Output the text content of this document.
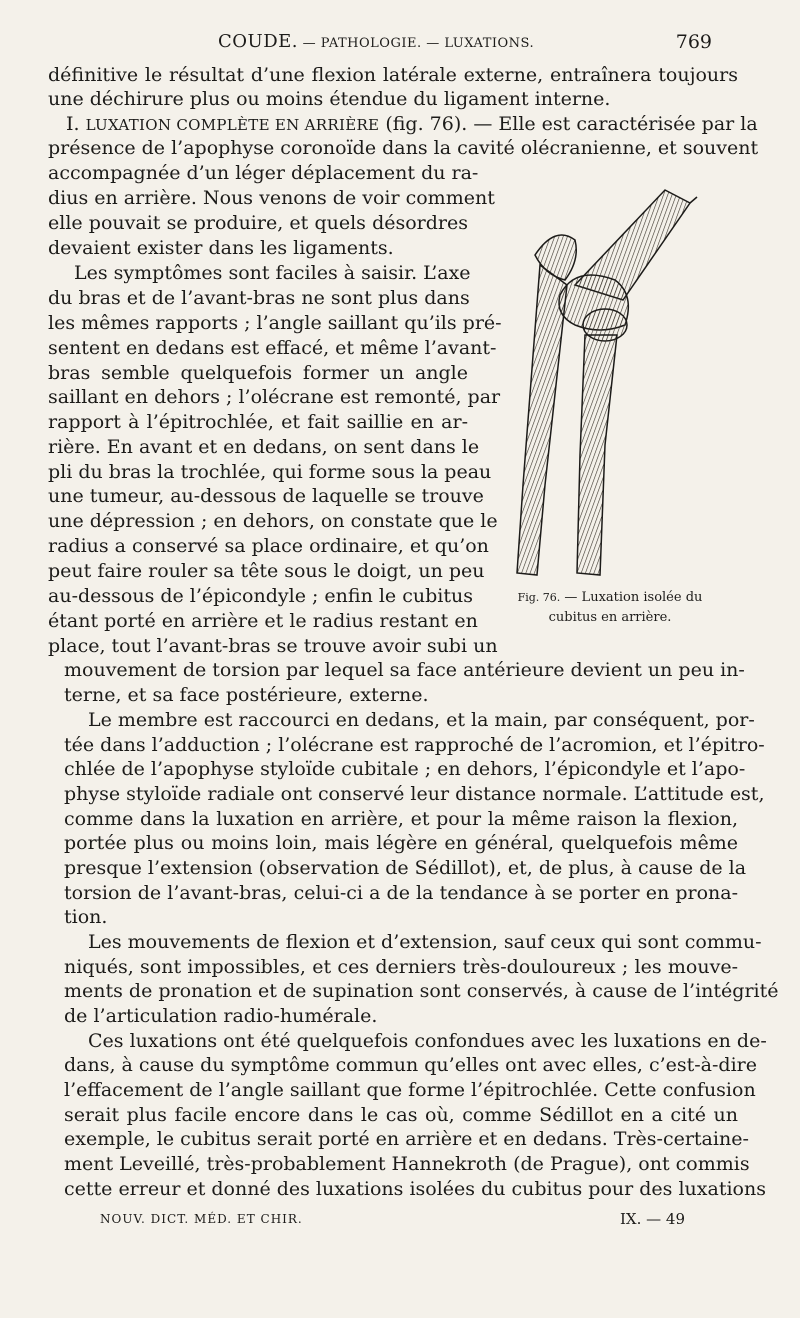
COUDE. — PATHOLOGIE. — LUXATIONS.	769
définitive le résultat d’une flexion latérale externe, entraînera toujours
une déchirure plus ou moins étendue du ligament interne.
I. LUXATION COMPLÈTE EN ARRIÈRE (fig. 76). — Elle est caractérisée par la
présence de l’apophyse coronoïde dans la cavité olécranienne, et souvent
accompagnée d’un léger déplacement du ra-
dius en arrière. Nous venons de voir comment
elle pouvait se produire, et quels désordres
devaient exister dans les ligaments.
Les symptômes sont faciles à saisir. L’axe
du bras et de l’avant-bras ne sont plus dans
les mêmes rapports ; l’angle saillant qu’ils pré-
sentent en dedans est effacé, et même l’avant-
bras semble quelquefois former un angle
saillant en dehors ; l’olécrane est remonté, par
rapport à l’épitrochlée, et fait saillie en ar-
rière. En avant et en dedans, on sent dans le
pli du bras la trochlée, qui forme sous la peau
une tumeur, au-dessous de laquelle se trouve
une dépression ; en dehors, on constate que le
radius a conservé sa place ordinaire, et qu’on
peut faire rouler sa tête sous le doigt, un peu
au-dessous de l’épicondyle ; enfin le cubitus
étant porté en arrière et le radius restant en
place, tout l’avant-bras se trouve avoir subi un
mouvement de torsion par lequel sa face antérieure devient un peu in-
terne, et sa face postérieure, externe.
Le membre est raccourci en dedans, et la main, par conséquent, por-
tée dans l’adduction ; l’olécrane est rapproché de l’acromion, et l’épitro-
chlée de l’apophyse styloïde cubitale ; en dehors, l’épicondyle et l’apo-
physe styloïde radiale ont conservé leur distance normale. L’attitude est,
comme dans la luxation en arrière, et pour la même raison la flexion,
portée plus ou moins loin, mais légère en général, quelquefois même
presque l’extension (observation de Sédillot), et, de plus, à cause de la
torsion de l’avant-bras, celui-ci a de la tendance à se porter en prona-
tion.
Les mouvements de flexion et d’extension, sauf ceux qui sont commu-
niqués, sont impossibles, et ces derniers très-douloureux ; les mouve-
ments de pronation et de supination sont conservés, à cause de l’intégrité
de l’articulation radio-humérale.
Ces luxations ont été quelquefois confondues avec les luxations en de-
dans, à cause du symptôme commun qu’elles ont avec elles, c’est-à-dire
l’effacement de l’angle saillant que forme l’épitrochlée. Cette confusion
serait plus facile encore dans le cas où, comme Sédillot en a cité un
exemple, le cubitus serait porté en arrière et en dedans. Très-certaine-
ment Leveillé, très-probablement Hannekroth (de Prague), ont commis
cette erreur et donné des luxations isolées du cubitus pour des luxations
Fig. 76. — Luxation isolée du
cubitus en arrière.
NOUV. DICT. MÉD. ET CHIR.	IX. — 49
